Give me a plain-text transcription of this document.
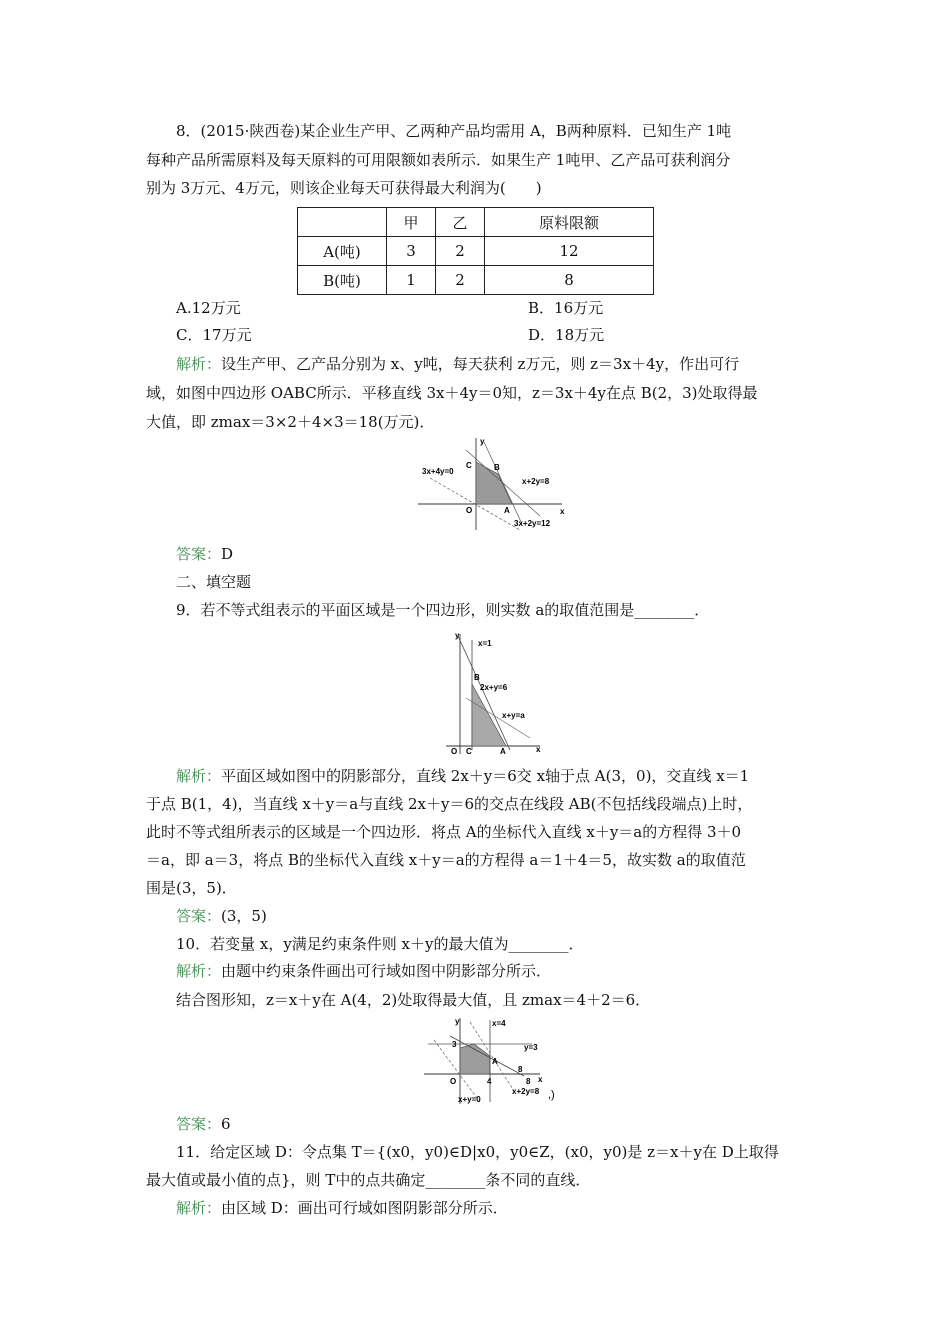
8．(2015·陕西卷)某企业生产甲、乙两种产品均需用 A，B两种原料．已知生产 1吨
每种产品所需原料及每天原料的可用限额如表所示．如果生产 1吨甲、乙产品可获利润分
别为 3万元、4万元，则该企业每天可获得最大利润为(　　)
	甲	乙	原料限额
A(吨)	3	2	12
B(吨)	1	2	8
A.12万元	B．16万元
C．17万元	D．18万元
解析：设生产甲、乙产品分别为 x、y吨，每天获利 z万元，则 z＝3x＋4y，作出可行
域，如图中四边形 OABC所示．平移直线 3x＋4y＝0知，z＝3x＋4y在点 B(2，3)处取得最
大值，即 zmax＝3×2＋4×3＝18(万元)．
y
x
O	A
B
C
3x+4y=0
x+2y=8
3x+2y=12
答案：D
二、填空题
9．若不等式组表示的平面区域是一个四边形，则实数 a的取值范围是________．
y
x
O C	A
B
x=1
2x+y=6
x+y=a
解析：平面区域如图中的阴影部分，直线 2x＋y＝6交 x轴于点 A(3，0)，交直线 x＝1
于点 B(1，4)，当直线 x＋y＝a与直线 2x＋y＝6的交点在线段 AB(不包括线段端点)上时，
此时不等式组所表示的区域是一个四边形．将点 A的坐标代入直线 x＋y＝a的方程得 3＋0
＝a，即 a＝3，将点 B的坐标代入直线 x＋y＝a的方程得 a＝1＋4＝5，故实数 a的取值范
围是(3，5)．
答案：(3，5)
10．若变量 x，y满足约束条件则 x＋y的最大值为________．
解析：由题中约束条件画出可行域如图中阴影部分所示．
结合图形知，z＝x＋y在 A(4，2)处取得最大值，且 zmax＝4＋2＝6．
y
x
O
A
3
4
8
8
x=4
y=3
x+2y=8
x+y=0	,)
答案：6
11．给定区域 D：令点集 T＝{(x0，y0)∈D|x0，y0∈Z，(x0，y0)是 z＝x＋y在 D上取得
最大值或最小值的点}，则 T中的点共确定________条不同的直线．
解析：由区域 D：画出可行域如图阴影部分所示．
